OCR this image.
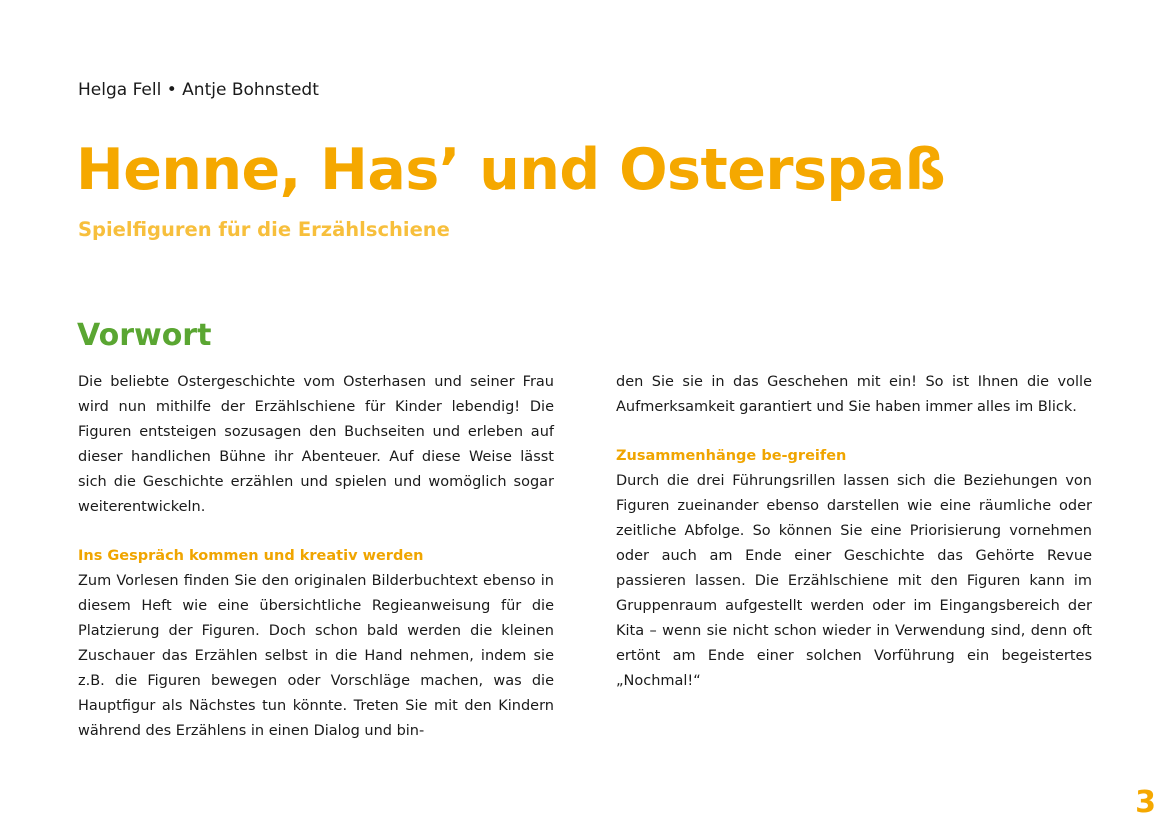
Helga Fell • Antje Bohnstedt
Henne, Has’ und Osterspaß
Spielfiguren für die Erzählschiene
Vorwort

Die beliebte Ostergeschichte vom Osterhasen und seiner Frau wird nun mithilfe der Erzählschiene für Kinder lebendig! Die Figuren entsteigen sozusagen den Buchseiten und erleben auf dieser handlichen Bühne ihr Abenteuer. Auf diese Weise lässt sich die Geschichte erzählen und spielen und womöglich sogar weiterentwickeln.

Ins Gespräch kommen und kreativ werden

Zum Vorlesen finden Sie den originalen Bilderbuchtext ebenso in diesem Heft wie eine übersichtliche Regieanweisung für die Platzierung der Figuren. Doch schon bald werden die kleinen Zuschauer das Erzählen selbst in die Hand nehmen, indem sie z.B. die Figuren bewegen oder Vorschläge machen, was die Hauptfigur als Nächstes tun könnte. Treten Sie mit den Kindern während des Erzählens in einen Dialog und bin-

den Sie sie in das Geschehen mit ein! So ist Ihnen die volle Aufmerksamkeit garantiert und Sie haben immer alles im Blick.

Zusammenhänge be-greifen

Durch die drei Führungsrillen lassen sich die Beziehungen von Figuren zueinander ebenso darstellen wie eine räumliche oder zeitliche Abfolge. So können Sie eine Priorisierung vornehmen oder auch am Ende einer Geschichte das Gehörte Revue passieren lassen. Die Erzählschiene mit den Figuren kann im Gruppenraum aufgestellt werden oder im Eingangsbereich der Kita – wenn sie nicht schon wieder in Verwendung sind, denn oft ertönt am Ende einer solchen Vorführung ein begeistertes „Nochmal!“

3
